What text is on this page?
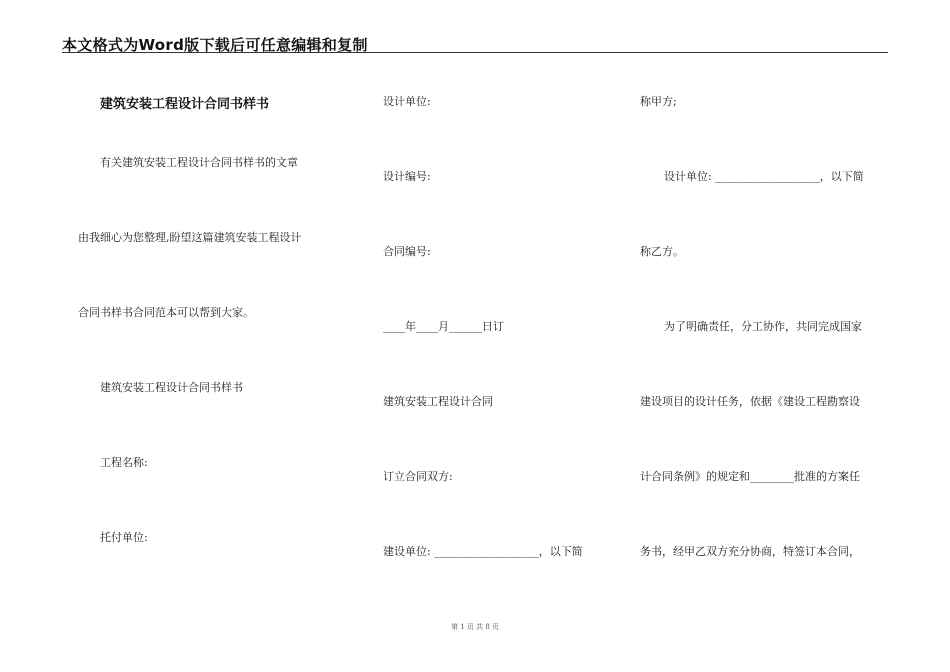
本文格式为Word版下载后可任意编辑和复制
建筑安装工程设计合同书样书
有关建筑安装工程设计合同书样书的文章
由我细心为您整理,盼望这篇建筑安装工程设计
合同书样书合同范本可以帮到大家。
建筑安装工程设计合同书样书
工程名称:
托付单位:
设计单位:
设计编号:
合同编号:
____年____月______日订
建筑安装工程设计合同
订立合同双方:
建设单位: ___________________，以下简
称甲方;
设计单位: ___________________，以下简
称乙方。
为了明确责任，分工协作，共同完成国家
建设项目的设计任务，依据《建设工程勘察设
计合同条例》的规定和________批准的方案任
务书，经甲乙双方充分协商，特签订本合同，
第 1 页 共 8 页
